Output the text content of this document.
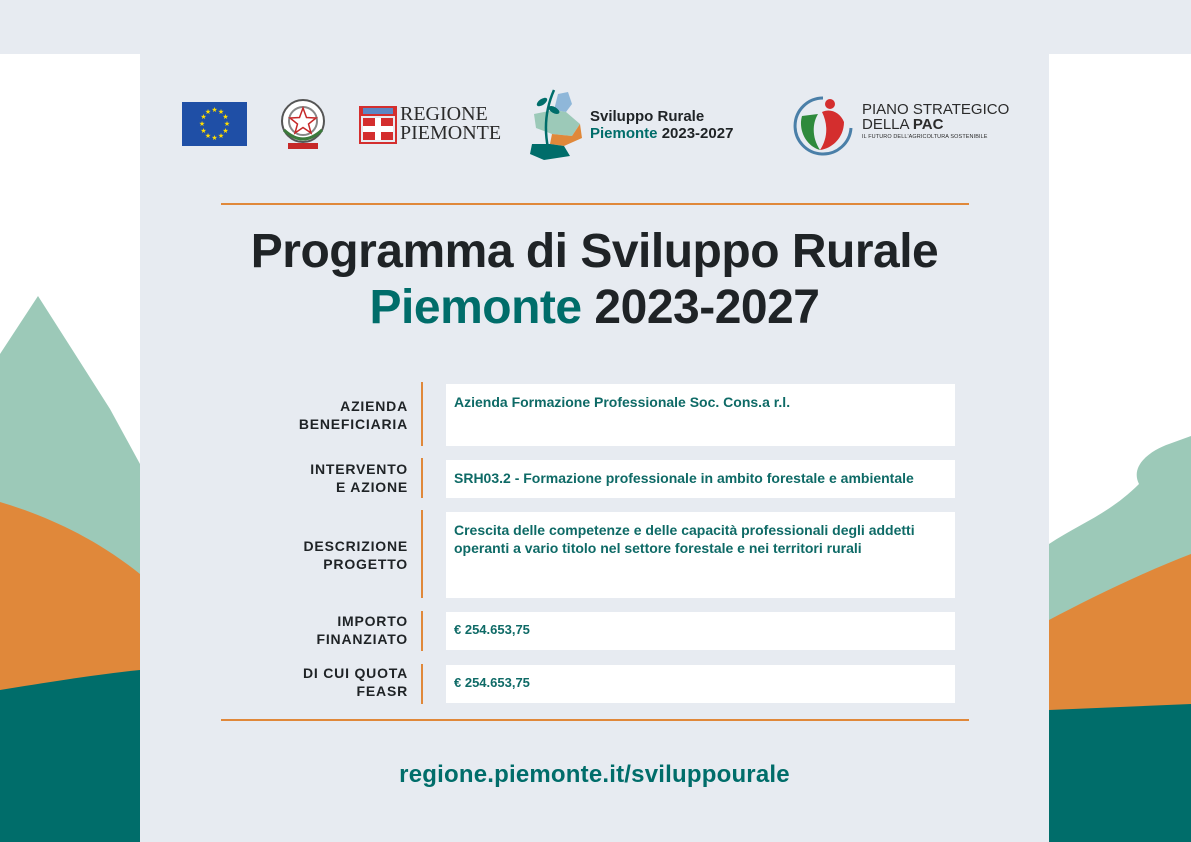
★ ★
★
★
★
★
★
★
★
★
★
★	REGIONE
PIEMONTE
Sviluppo Rurale
Piemonte 2023-2027
PIANO STRATEGICO
DELLA PAC
IL FUTURO DELL'AGRICOLTURA SOSTENIBILE
Programma di Sviluppo Rurale
Piemonte 2023-2027
AZIENDA
BENEFICIARIA
Azienda Formazione Professionale Soc. Cons.a r.l.
INTERVENTO
E AZIONE
SRH03.2 - Formazione professionale in ambito forestale e ambientale
DESCRIZIONE
PROGETTO
Crescita delle competenze e delle capacità professionali degli addetti operanti a vario titolo nel settore forestale e nei territori rurali
IMPORTO
FINANZIATO
€ 254.653,75
DI CUI QUOTA
FEASR
€ 254.653,75
regione.piemonte.it/sviluppourale
